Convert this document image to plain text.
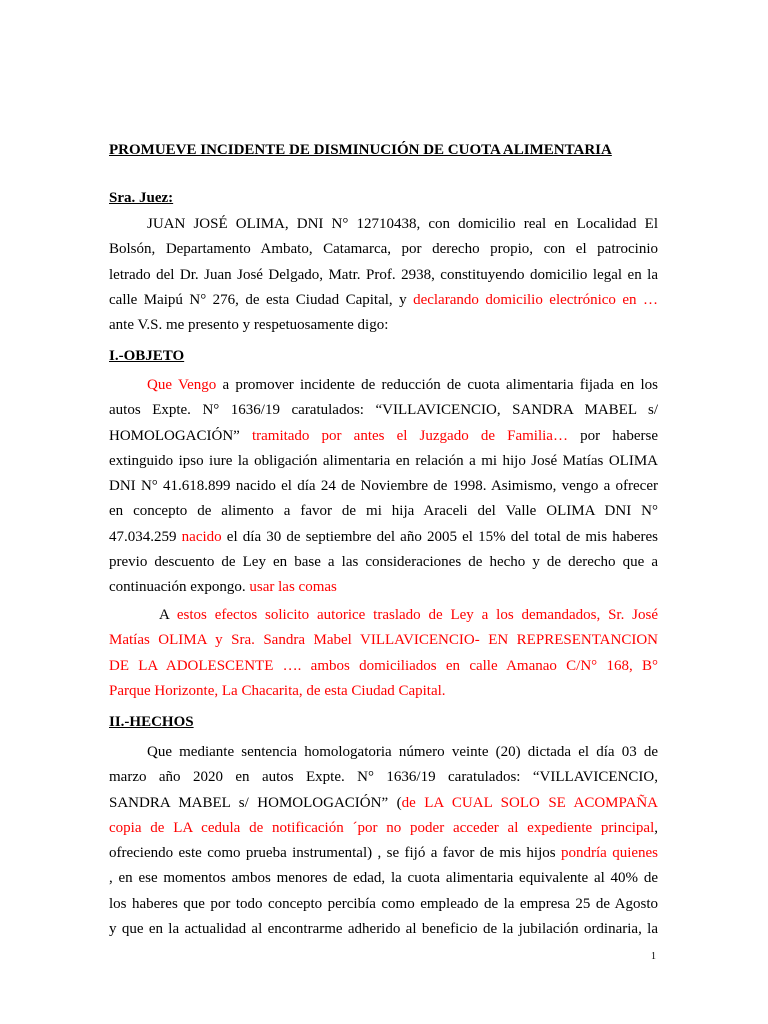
PROMUEVE INCIDENTE DE DISMINUCIÓN DE CUOTA ALIMENTARIA
Sra. Juez:
JUAN JOSÉ OLIMA, DNI N° 12710438, con domicilio real en Localidad El
Bolsón, Departamento Ambato, Catamarca, por derecho propio, con el patrocinio
letrado del Dr. Juan José Delgado, Matr. Prof. 2938, constituyendo domicilio legal en la
calle Maipú N° 276, de esta Ciudad Capital, y declarando domicilio electrónico en …
ante V.S. me presento y respetuosamente digo:
I.-OBJETO
Que Vengo a promover incidente de reducción de cuota alimentaria fijada en los
autos Expte. N° 1636/19 caratulados: “VILLAVICENCIO, SANDRA MABEL s/
HOMOLOGACIÓN” tramitado por antes el Juzgado de Familia… por haberse
extinguido ipso iure la obligación alimentaria en relación a mi hijo José Matías OLIMA
DNI N° 41.618.899 nacido el día 24 de Noviembre de 1998. Asimismo, vengo a ofrecer
en concepto de alimento a favor de mi hija Araceli del Valle OLIMA DNI N°
47.034.259 nacido el día 30 de septiembre del año 2005 el 15% del total de mis haberes
previo descuento de Ley en base a las consideraciones de hecho y de derecho que a
continuación expongo. usar las comas
A estos efectos solicito autorice traslado de Ley a los demandados, Sr. José
Matías OLIMA y Sra. Sandra Mabel VILLAVICENCIO- EN REPRESENTANCION
DE LA ADOLESCENTE …. ambos domiciliados en calle Amanao C/N° 168, B°
Parque Horizonte, La Chacarita, de esta Ciudad Capital.
II.-HECHOS
Que mediante sentencia homologatoria número veinte (20) dictada el día 03 de
marzo año 2020 en autos Expte. N° 1636/19 caratulados: “VILLAVICENCIO,
SANDRA MABEL s/ HOMOLOGACIÓN” (de LA CUAL SOLO SE ACOMPAÑA
copia de LA cedula de notificación ´por no poder acceder al expediente principal,
ofreciendo este como prueba instrumental) , se fijó a favor de mis hijos pondría quienes
, en ese momentos ambos menores de edad, la cuota alimentaria equivalente al 40% de
los haberes que por todo concepto percibía como empleado de la empresa 25 de Agosto
y que en la actualidad al encontrarme adherido al beneficio de la jubilación ordinaria, la
1
